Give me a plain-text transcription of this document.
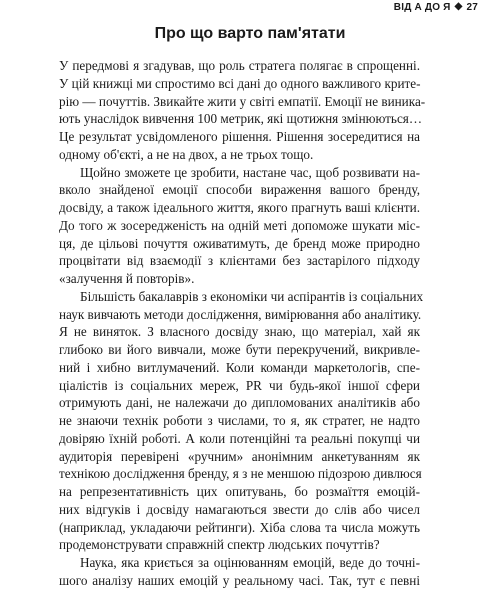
ВІД А ДО Я ◆ 27
Про що варто пам'ятати
У передмові я згадував, що роль стратега полягає в спрощенні.
У цій книжці ми спростимо всі дані до одного важливого крите-
рію — почуттів. Звикайте жити у світі емпатії. Емоції не виника-
ють унаслідок вивчення 100 метрик, які щотижня змінюються…
Це результат усвідомленого рішення. Рішення зосередитися на
одному об'єкті, а не на двох, а не трьох тощо.
Щойно зможете це зробити, настане час, щоб розвивати на-
вколо знайденої емоції способи вираження вашого бренду,
досвіду, а також ідеального життя, якого прагнуть ваші клієнти.
До того ж зосередженість на одній меті допоможе шукати міс-
ця, де цільові почуття оживатимуть, де бренд може природно
процвітати від взаємодії з клієнтами без застарілого підходу
«залучення й повторів».
Більшість бакалаврів з економіки чи аспірантів із соціальних
наук вивчають методи дослідження, вимірювання або аналітику.
Я не виняток. З власного досвіду знаю, що матеріал, хай як
глибоко ви його вивчали, може бути перекручений, викривле-
ний і хибно витлумачений. Коли команди маркетологів, спе-
ціалістів із соціальних мереж, PR чи будь-якої іншої сфери
отримують дані, не належачи до дипломованих аналітиків або
не знаючи технік роботи з числами, то я, як стратег, не надто
довіряю їхній роботі. А коли потенційні та реальні покупці чи
аудиторія перевірені «ручним» анонімним анкетуванням як
технікою дослідження бренду, я з не меншою підозрою дивлюся
на репрезентативність цих опитувань, бо розмаїття емоцій-
них відгуків і досвіду намагаються звести до слів або чисел
(наприклад, укладаючи рейтинги). Хіба слова та числа можуть
продемонструвати справжній спектр людських почуттів?
Наука, яка криється за оцінюванням емоцій, веде до точні-
шого аналізу наших емоцій у реальному часі. Так, тут є певні
